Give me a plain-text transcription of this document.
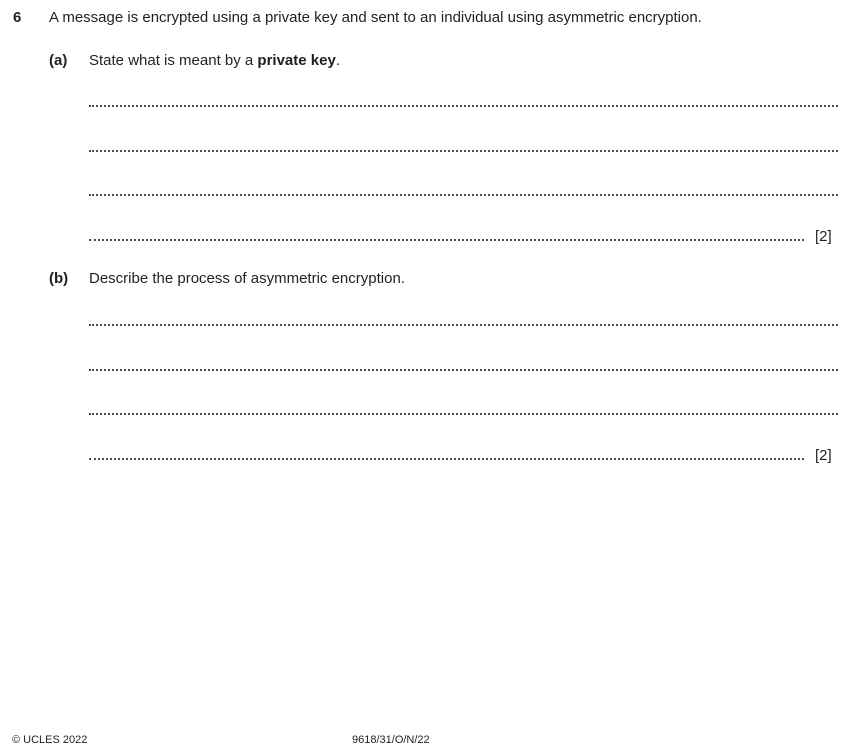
6 A message is encrypted using a private key and sent to an individual using asymmetric encryption.
(a) State what is meant by a private key.
[2]
(b) Describe the process of asymmetric encryption.
[2]
© UCLES 2022	9618/31/O/N/22
